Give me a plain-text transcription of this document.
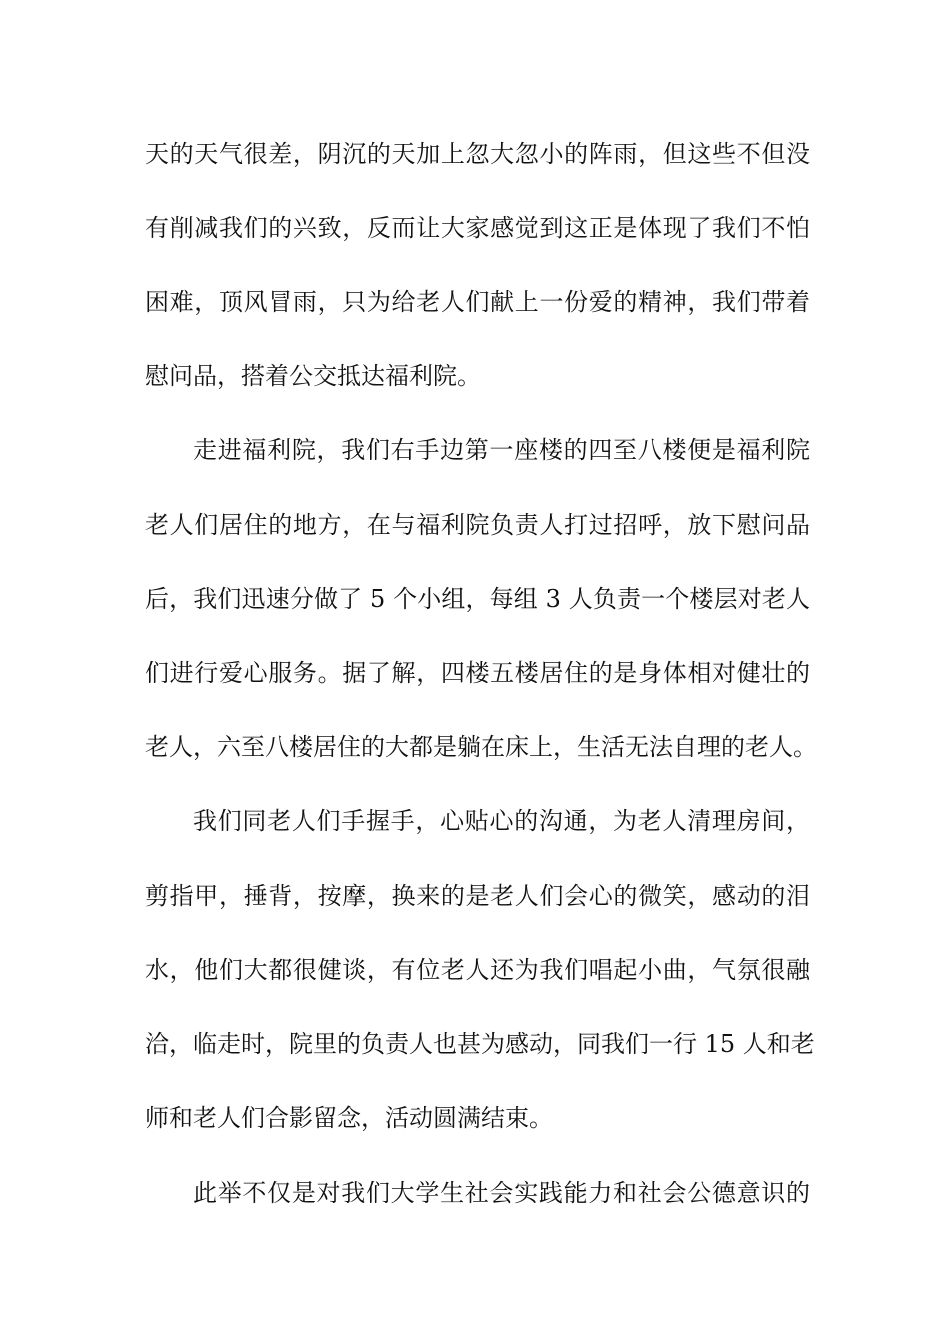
天的天气很差，阴沉的天加上忽大忽小的阵雨，但这些不但没
有削减我们的兴致，反而让大家感觉到这正是体现了我们不怕
困难，顶风冒雨，只为给老人们献上一份爱的精神，我们带着
慰问品，搭着公交抵达福利院。
走进福利院，我们右手边第一座楼的四至八楼便是福利院
老人们居住的地方，在与福利院负责人打过招呼，放下慰问品
后，我们迅速分做了 5 个小组，每组 3 人负责一个楼层对老人
们进行爱心服务。据了解，四楼五楼居住的是身体相对健壮的
老人，六至八楼居住的大都是躺在床上，生活无法自理的老人。
我们同老人们手握手，心贴心的沟通，为老人清理房间，
剪指甲，捶背，按摩，换来的是老人们会心的微笑，感动的泪
水，他们大都很健谈，有位老人还为我们唱起小曲，气氛很融
洽，临走时，院里的负责人也甚为感动，同我们一行 15 人和老
师和老人们合影留念，活动圆满结束。
此举不仅是对我们大学生社会实践能力和社会公德意识的
